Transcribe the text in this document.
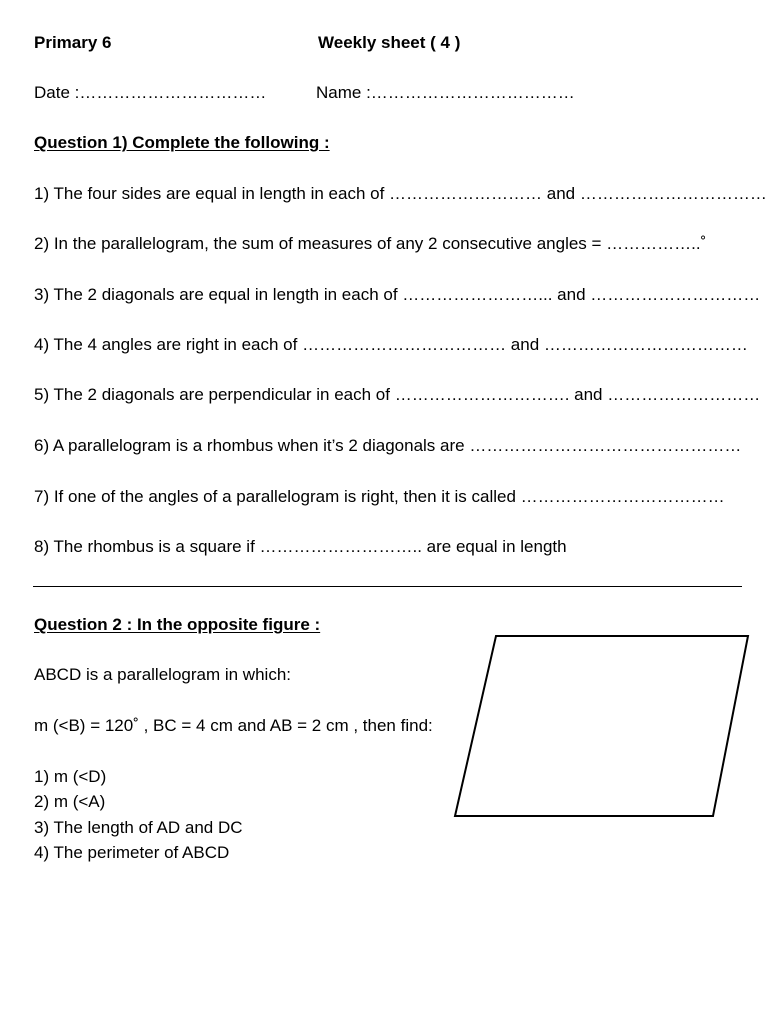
Primary 6	Weekly sheet ( 4 )
Date :……………………………	Name :………………………………
Question 1) Complete the following :
1) The four sides are equal in length in each of ……………………… and ……………………………
2) In the parallelogram, the sum of measures of any 2 consecutive angles = ……………..˚
3) The 2 diagonals are equal in length in each of ……………………... and …………………………
4) The 4 angles are right in each of ……………………………… and ………………………………
5) The 2 diagonals are perpendicular in each of …………………………. and ………………………
6) A parallelogram is a rhombus when it’s 2 diagonals are …………………………………………
7) If one of the angles of a parallelogram is right, then it is called ………………………………
8) The rhombus is a square if ……………………….. are equal in length
Question 2 : In the opposite figure :
ABCD is a parallelogram in which:
m (<B) = 120˚ , BC = 4 cm and AB = 2 cm , then find:
1) m (<D)
2) m (<A)
3) The length of AD and DC
4) The perimeter of ABCD
